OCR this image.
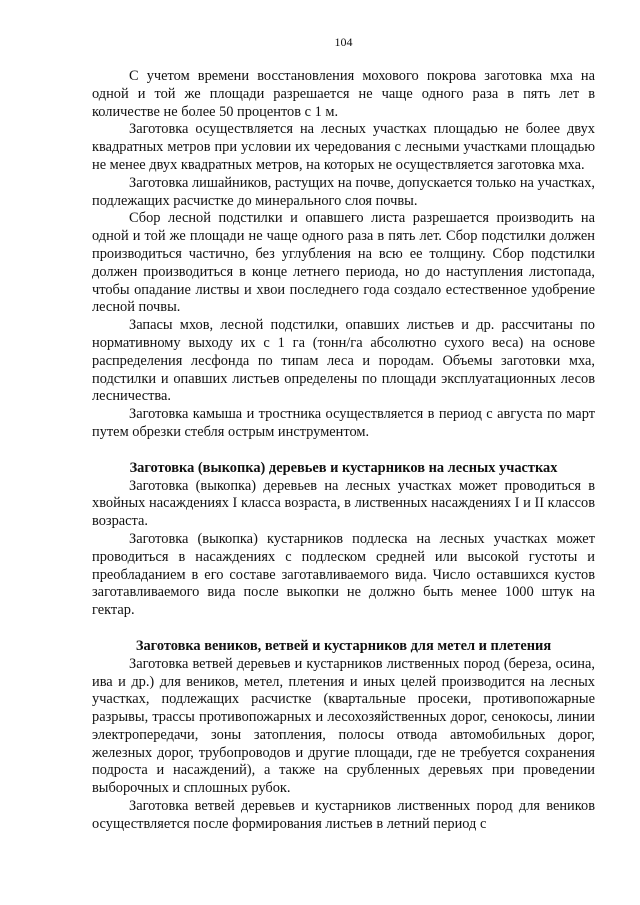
104

С учетом времени восстановления мохового покрова заготовка мха на одной и той же площади разрешается не чаще одного раза в пять лет в количестве не более 50 процентов с 1 м.

Заготовка осуществляется на лесных участках площадью не более двух квадратных метров при условии их чередования с лесными участками площадью не менее двух квадратных метров, на которых не осуществляется заготовка мха.

Заготовка лишайников, растущих на почве, допускается только на участках, подлежащих расчистке до минерального слоя почвы.

Сбор лесной подстилки и опавшего листа разрешается производить на одной и той же площади не чаще одного раза в пять лет. Сбор подстилки должен производиться частично, без углубления на всю ее толщину. Сбор подстилки должен производиться в конце летнего периода, но до наступления листопада, чтобы опадание листвы и хвои последнего года создало естественное удобрение лесной почвы.

Запасы мхов, лесной подстилки, опавших листьев и др. рассчитаны по нормативному выходу их с 1 га (тонн/га абсолютно сухого веса) на основе распределения лесфонда по типам леса и породам. Объемы заготовки мха, подстилки и опавших листьев определены по площади эксплуатационных лесов лесничества.

Заготовка камыша и тростника осуществляется в период с августа по март путем обрезки стебля острым инструментом.

Заготовка (выкопка) деревьев и кустарников на лесных участках

Заготовка (выкопка) деревьев на лесных участках может проводиться в хвойных насаждениях I класса возраста, в лиственных насаждениях I и II классов возраста.

Заготовка (выкопка) кустарников подлеска на лесных участках может проводиться в насаждениях с подлеском средней или высокой густоты и преобладанием в его составе заготавливаемого вида. Число оставшихся кустов заготавливаемого вида после выкопки не должно быть менее 1000 штук на гектар.

Заготовка веников, ветвей и кустарников для метел и плетения

Заготовка ветвей деревьев и кустарников лиственных пород (береза, осина, ива и др.) для веников, метел, плетения и иных целей производится на лесных участках, подлежащих расчистке (квартальные просеки, противопожарные разрывы, трассы противопожарных и лесохозяйственных дорог, сенокосы, линии электропередачи, зоны затопления, полосы отвода автомобильных дорог, железных дорог, трубопроводов и другие площади, где не требуется сохранения подроста и насаждений), а также на срубленных деревьях при проведении выборочных и сплошных рубок.

Заготовка ветвей деревьев и кустарников лиственных пород для веников осуществляется после формирования листьев в летний период с
